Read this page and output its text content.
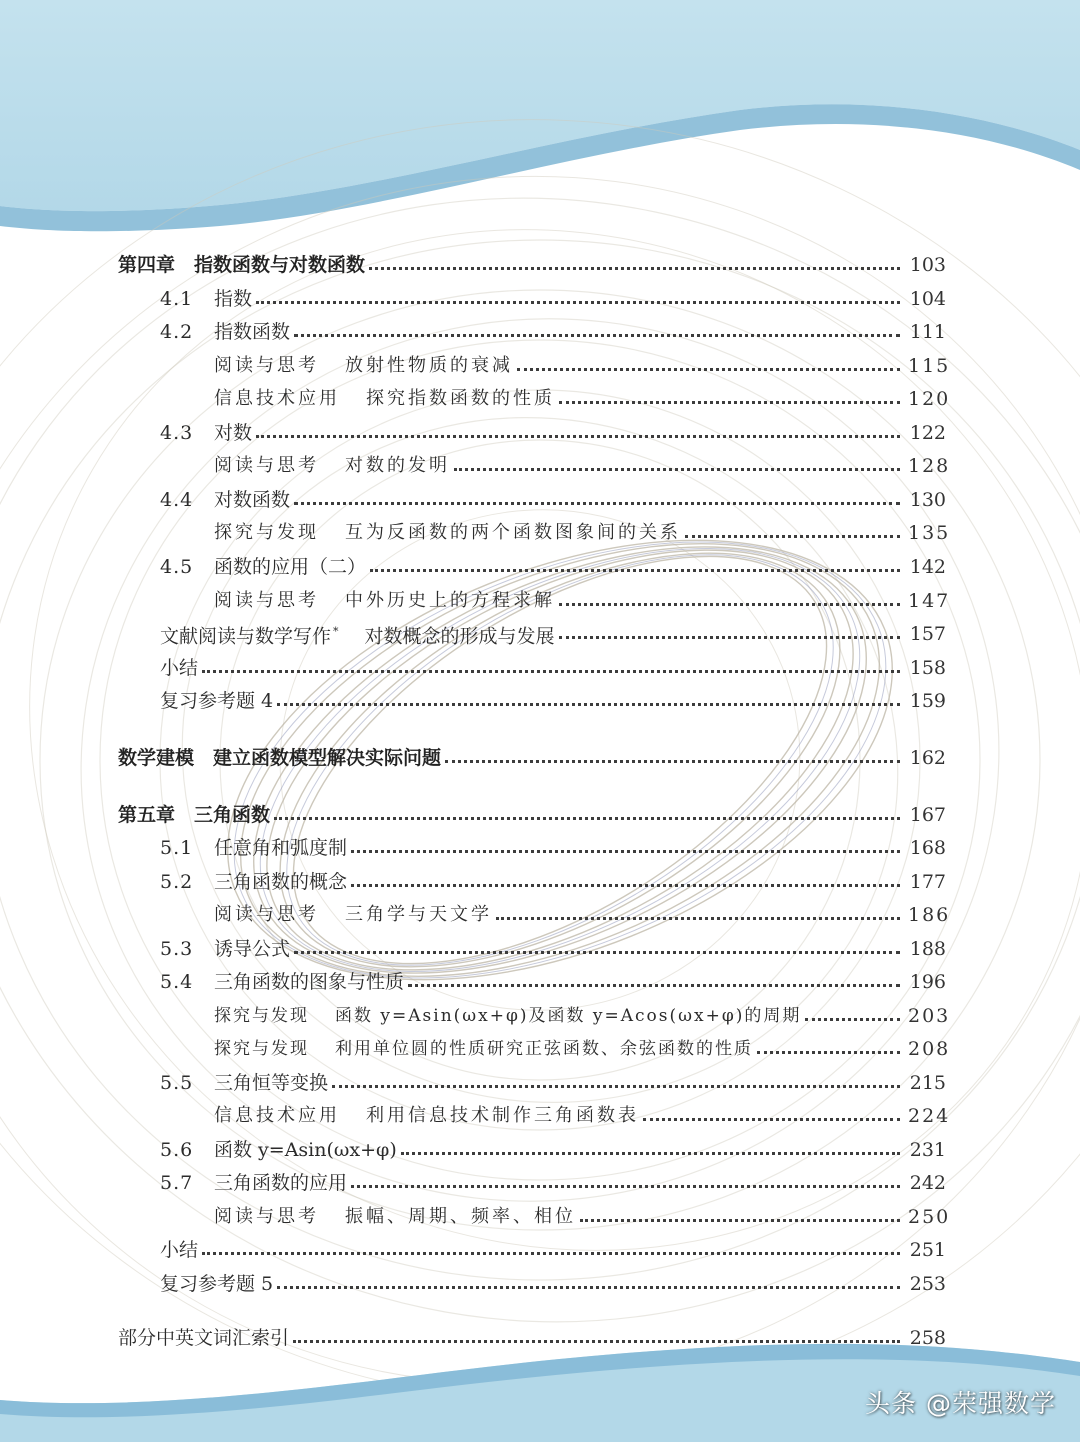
第四章　指数函数与对数函数	103
4.1	指数	104
4.2	指数函数	111
阅读与思考 放射性物质的衰减	115
信息技术应用 探究指数函数的性质	120
4.3	对数	122
阅读与思考 对数的发明	128
4.4	对数函数	130
探究与发现 互为反函数的两个函数图象间的关系	135
4.5	函数的应用（二）	142
阅读与思考 中外历史上的方程求解	147
文献阅读与数学写作 * 对数概念的形成与发展	157
小结	158
复习参考题 4	159
数学建模　建立函数模型解决实际问题	162
第五章　三角函数	167
5.1	任意角和弧度制	168
5.2	三角函数的概念	177
阅读与思考 三角学与天文学	186
5.3	诱导公式	188
5.4	三角函数的图象与性质	196
探究与发现 函数 y=Asin(ωx+φ)及函数 y=Acos(ωx+φ)的周期	203
探究与发现 利用单位圆的性质研究正弦函数、余弦函数的性质	208
5.5	三角恒等变换	215
信息技术应用 利用信息技术制作三角函数表	224
5.6	函数 y=Asin(ωx+φ)	231
5.7	三角函数的应用	242
阅读与思考 振幅、周期、频率、相位	250
小结	251
复习参考题 5	253
部分中英文词汇索引	258
头条 @荣强数学
